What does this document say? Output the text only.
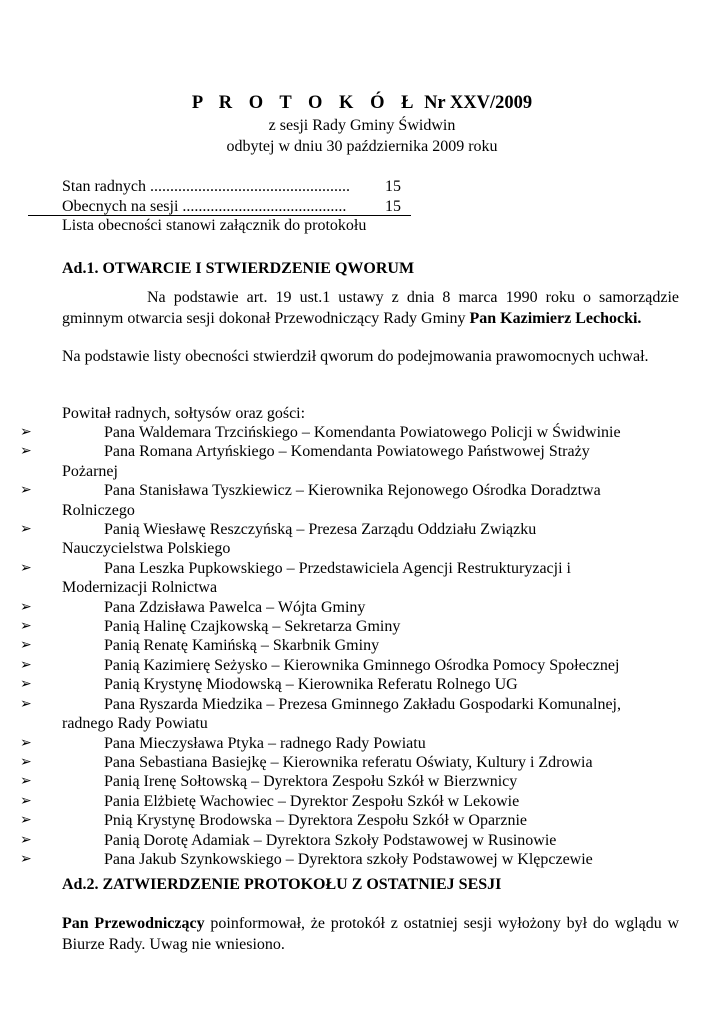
P R O T O K Ó Ł Nr XXV/2009
z sesji Rady Gminy Świdwin
odbytej w dniu 30 października 2009 roku
Stan radnych .................................................. 15
Obecnych na sesji ......................................... 15
Lista obecności stanowi załącznik do protokołu
Ad.1. OTWARCIE I STWIERDZENIE QWORUM
Na podstawie art. 19 ust.1 ustawy z dnia 8 marca 1990 roku o samorządzie gminnym otwarcia sesji dokonał Przewodniczący Rady Gminy Pan Kazimierz Lechocki.
Na podstawie listy obecności stwierdził qworum do podejmowania prawomocnych uchwał.
Powitał radnych, sołtysów oraz gości:
➢	Pana Waldemara Trzcińskiego – Komendanta Powiatowego Policji w Świdwinie
➢	Pana Romana Artyńskiego – Komendanta Powiatowego Państwowej Straży
Pożarnej
➢	Pana Stanisława Tyszkiewicz – Kierownika Rejonowego Ośrodka Doradztwa
Rolniczego
➢	Panią Wiesławę Reszczyńską – Prezesa Zarządu Oddziału Związku
Nauczycielstwa Polskiego
➢	Pana Leszka Pupkowskiego – Przedstawiciela Agencji Restrukturyzacji i
Modernizacji Rolnictwa
➢	Pana Zdzisława Pawelca – Wójta Gminy
➢	Panią Halinę Czajkowską – Sekretarza Gminy
➢	Panią Renatę Kamińską – Skarbnik Gminy
➢	Panią Kazimierę Seżysko – Kierownika Gminnego Ośrodka Pomocy Społecznej
➢	Panią Krystynę Miodowską – Kierownika Referatu Rolnego UG
➢	Pana Ryszarda Miedzika – Prezesa Gminnego Zakładu Gospodarki Komunalnej,
radnego Rady Powiatu
➢	Pana Mieczysława Ptyka – radnego Rady Powiatu
➢	Pana Sebastiana Basiejkę – Kierownika referatu Oświaty, Kultury i Zdrowia
➢	Panią Irenę Sołtowską – Dyrektora Zespołu Szkół w Bierzwnicy
➢	Pania Elżbietę Wachowiec – Dyrektor Zespołu Szkół w Lekowie
➢	Pnią Krystynę Brodowska – Dyrektora Zespołu Szkół w Oparznie
➢	Panią Dorotę Adamiak – Dyrektora Szkoły Podstawowej w Rusinowie
➢	Pana Jakub Szynkowskiego – Dyrektora szkoły Podstawowej w Klępczewie
Ad.2. ZATWIERDZENIE PROTOKOŁU Z OSTATNIEJ SESJI
Pan Przewodniczący poinformował, że protokół z ostatniej sesji wyłożony był do wglądu w Biurze Rady. Uwag nie wniesiono.
